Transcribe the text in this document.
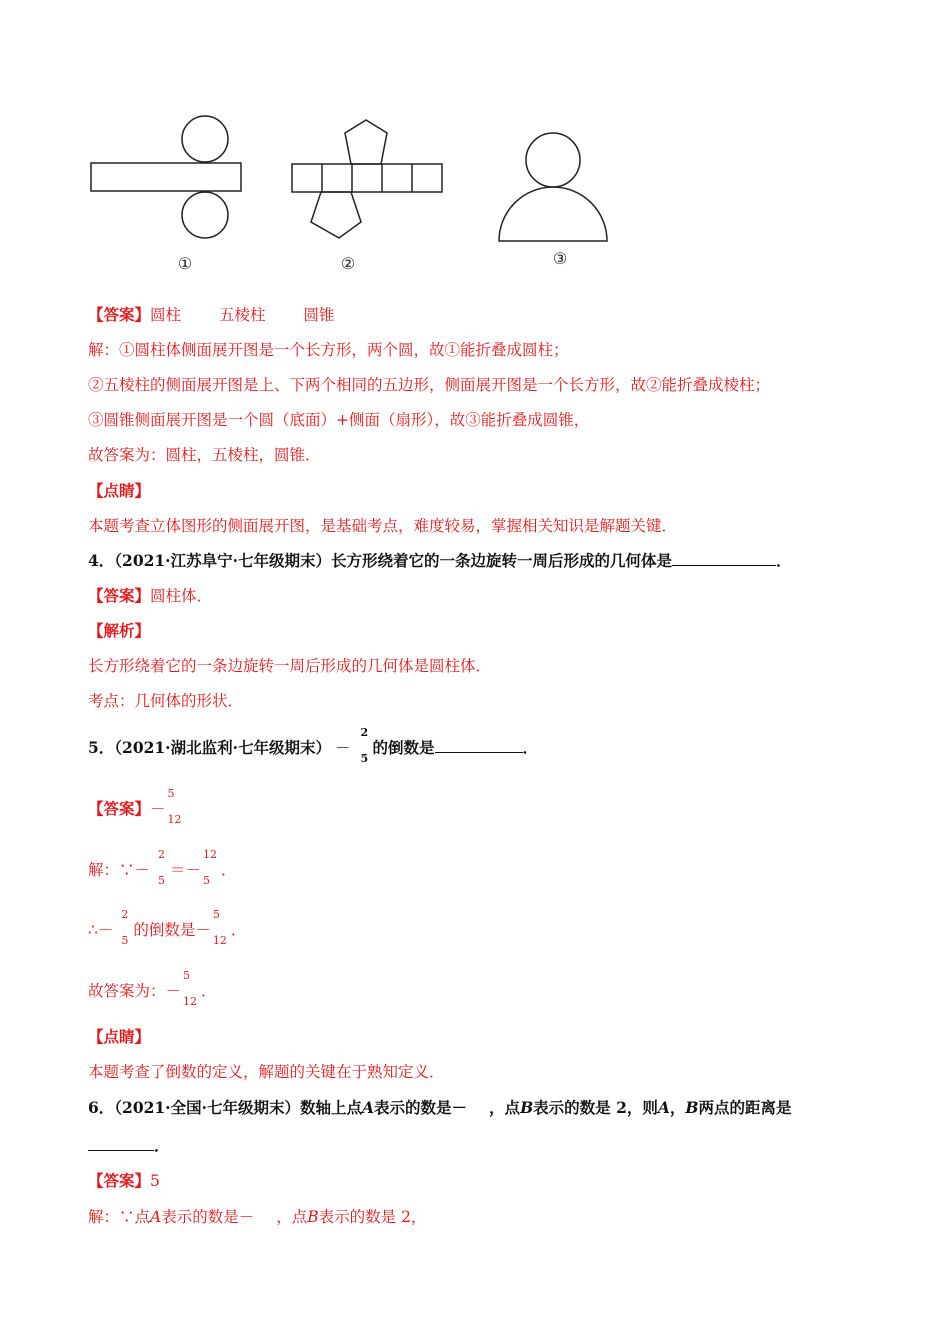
①	②	③
【答案】圆柱 五棱柱 圆锥
解：①圆柱体侧面展开图是一个长方形，两个圆，故①能折叠成圆柱；
②五棱柱的侧面展开图是上、下两个相同的五边形，侧面展开图是一个长方形，故②能折叠成棱柱；
③圆锥侧面展开图是一个圆（底面）+侧面（扇形），故③能折叠成圆锥，
故答案为：圆柱，五棱柱，圆锥．
【点睛】
本题考查立体图形的侧面展开图，是基础考点，难度较易，掌握相关知识是解题关键．
4．（2021·江苏阜宁·七年级期末）长方形绕着它的一条边旋转一周后形成的几何体是	．
【答案】圆柱体．
【解析】
长方形绕着它的一条边旋转一周后形成的几何体是圆柱体．
考点：几何体的形状．
5．（2021·湖北监利·七年级期末） －
2
5
的倒数是	．
【答案】－
5
12
解：∵－
2
5
＝－
12
5
．
∴－
2
5
的倒数是－
5
12
．
故答案为：－
5
12
．
【点睛】
本题考查了倒数的定义，解题的关键在于熟知定义．
6．（2021·全国·七年级期末）数轴上点A表示的数是－ ，点B表示的数是 2，则A，B两点的距离是
．
【答案】5
解：∵点A表示的数是－ ，点B表示的数是 2，
